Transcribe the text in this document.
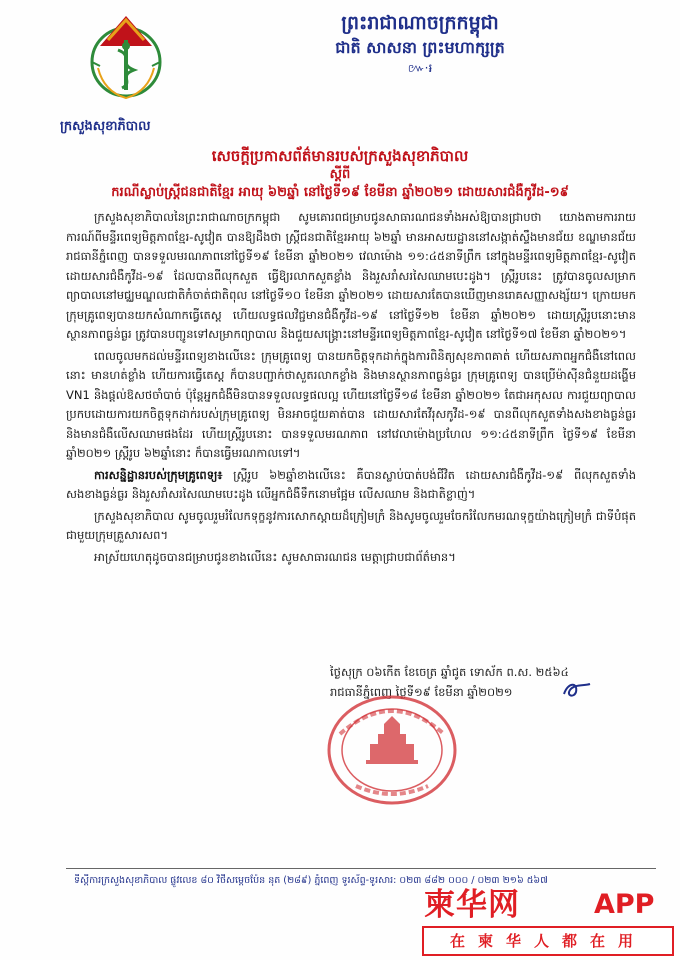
ក្រសួងសុខាភិបាល
ព្រះរាជាណាចក្រកម្ពុជា
ជាតិ សាសនា ព្រះមហាក្សត្រ
៚·៛
សេចក្ដីប្រកាសព័ត៌មានរបស់ក្រសួងសុខាភិបាល
ស្ដីពី
ករណីស្លាប់ស្ត្រីជនជាតិខ្មែរ អាយុ ៦២ឆ្នាំ នៅថ្ងៃទី១៩ ខែមីនា ឆ្នាំ២០២១ ដោយសារជំងឺកូវីដ-១៩

ក្រសួងសុខាភិបាលនៃព្រះរាជាណាចក្រកម្ពុជា សូមគោរពជម្រាបជូនសាធារណជនទាំងអស់ឱ្យបានជ្រាបថា យោងតាមការរាយការណ៍ពីមន្ទីរពេទ្យមិត្តភាពខ្មែរ-សូវៀត បានឱ្យដឹងថា ស្ត្រីជនជាតិខ្មែរអាយុ ៦២ឆ្នាំ មានអាសយដ្ឋាននៅសង្កាត់ស្ទឹងមានជ័យ ខណ្ឌមានជ័យ រាជធានីភ្នំពេញ បានទទួលមរណភាពនៅថ្ងៃទី១៩ ខែមីនា ឆ្នាំ២០២១ វេលាម៉ោង ១១:៤៥នាទីព្រឹក នៅក្នុងមន្ទីរពេទ្យមិត្តភាពខ្មែរ-សូវៀត ដោយសារជំងឺកូវីដ-១៩ ដែលបានពីលុកសួត ធ្វើឱ្យរលាកសួតខ្លាំង និងរួសរាំសរសៃឈាមបេះដូង។ ស្ត្រីរូបនេះ ត្រូវបានចូលសម្រាកព្យាបាលនៅមជ្ឈមណ្ឌលជាតិកំចាត់ជាតិពុល នៅថ្ងៃទី១០ ខែមីនា ឆ្នាំ២០២១ ដោយសារតែបានឃើញមានរោគសញ្ញាសង្ស័យ។ ក្រោយមកក្រុមគ្រូពេទ្យបានយកសំណាកធ្វើតេស្ដ ហើយលទ្ធផលវិជ្ជមានជំងឺកូវីដ-១៩ នៅថ្ងៃទី១២ ខែមីនា ឆ្នាំ២០២១ ដោយស្ត្រីរូបនោះមានស្ថានភាពធ្ងន់ធ្ងរ ត្រូវបានបញ្ជូនទៅសម្រាកព្យាបាល និងជួយសង្គ្រោះនៅមន្ទីរពេទ្យមិត្តភាពខ្មែរ-សូវៀត នៅថ្ងៃទី១៧ ខែមីនា ឆ្នាំ២០២១។

ពេលចូលមកដល់មន្ទីរពេទ្យខាងលើនេះ ក្រុមគ្រូពេទ្យ បានយកចិត្តទុកដាក់ក្នុងការពិនិត្យសុខភាពគាត់ ហើយសភាពអ្នកជំងឺនៅពេលនោះ មានហត់ខ្លាំង ហើយការធ្វើតេស្ដ ក៏បានបញ្ជាក់ថាសួតរលាកខ្លាំង និងមានស្ថានភាពធ្ងន់ធ្ងរ ក្រុមគ្រូពេទ្យ បានប្រើម៉ាស៊ីនជំនួយដង្ហើម VN1 និងផ្ដល់ឱសថចាំបាច់ ប៉ុន្តែអ្នកជំងឺមិនបានទទួលលទ្ធផលល្អ ហើយនៅថ្ងៃទី១៨ ខែមីនា ឆ្នាំ២០២១ តែជាអកុសល ការជួយព្យាបាលប្រកបដោយការយកចិត្តទុកដាក់របស់ក្រុមគ្រូពេទ្យ មិនអាចជួយគាត់បាន ដោយសារតែវីរុសកូវីដ-១៩ បានពីលុកសួតទាំងសងខាងធ្ងន់ធ្ងរ និងមានជំងឺលើសឈាមផងដែរ ហើយស្ត្រីរូបនោះ បានទទួលមរណភាព នៅវេលាម៉ោងប្រហែល ១១:៤៥នាទីព្រឹក ថ្ងៃទី១៩ ខែមីនា ឆ្នាំ២០២១ ស្ត្រីរូប ៦២ឆ្នាំនោះ ក៏បានធ្វើមរណកាលទៅ។

ការសន្និដ្ឋានរបស់ក្រុមគ្រូពេទ្យ៖ ស្ត្រីរូប ៦២ឆ្នាំខាងលើនេះ គឺបានស្លាប់បាត់បង់ជីវិត ដោយសារជំងឺកូវីដ-១៩ ពីលុកសួតទាំងសងខាងធ្ងន់ធ្ងរ និងរួសរាំសរសៃឈាមបេះដូង លើអ្នកជំងឺទឹកនោមផ្អែម លើសឈាម និងជាតិខ្លាញ់។

ក្រសួងសុខាភិបាល សូមចូលរួមរំលែកទុក្ខនូវការសោកស្ដាយដ៏ក្រៀមក្រំ និងសូមចូលរួមចែករំលែកមរណទុក្ខយ៉ាងក្រៀមក្រំ ជាទីបំផុតជាមួយក្រុមគ្រួសារសព។

អាស្រ័យហេតុដូចបានជម្រាបជូនខាងលើនេះ សូមសាធារណជន មេត្តាជ្រាបជាព័ត៌មាន។

ថ្ងៃសុក្រ ០៦កើត ខែចេត្រ ឆ្នាំជូត ទោស័ក ព.ស. ២៥៦៤
រាជធានីភ្នំពេញ ថ្ងៃទី១៩ ខែមីនា ឆ្នាំ២០២១
ទីស្តីការក្រសួងសុខាភិបាល ផ្លូវលេខ ៨០ វិថីសម្ដេចប៉ែន នុត (២៨៩) ភ្នំពេញ ទូរស័ព្ទ-ទូរសារ: ០២៣ ៨៨២ ០០០ / ០២៣ ២១៦ ៥៦៧
柬华网	APP
在柬华人都在用
